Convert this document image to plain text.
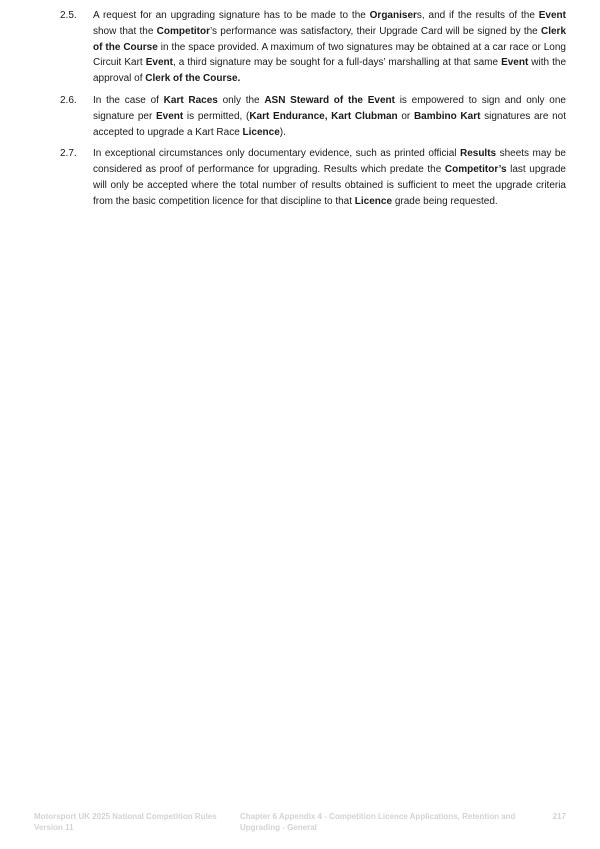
2.5.	A request for an upgrading signature has to be made to the Organisers, and if the results of the Event show that the Competitor’s performance was satisfactory, their Upgrade Card will be signed by the Clerk of the Course in the space provided. A maximum of two signatures may be obtained at a car race or Long Circuit Kart Event, a third signature may be sought for a full-days’ marshalling at that same Event with the approval of Clerk of the Course.
2.6.	In the case of Kart Races only the ASN Steward of the Event is empowered to sign and only one signature per Event is permitted, (Kart Endurance, Kart Clubman or Bambino Kart signatures are not accepted to upgrade a Kart Race Licence).
2.7.	In exceptional circumstances only documentary evidence, such as printed official Results sheets may be considered as proof of performance for upgrading. Results which predate the Competitor’s last upgrade will only be accepted where the total number of results obtained is sufficient to meet the upgrade criteria from the basic competition licence for that discipline to that Licence grade being requested.
Motorsport UK 2025 National Competition Rules
Version 11
Chapter 6 Appendix 4 - Competition Licence Applications, Retention and
Upgrading - General
217
